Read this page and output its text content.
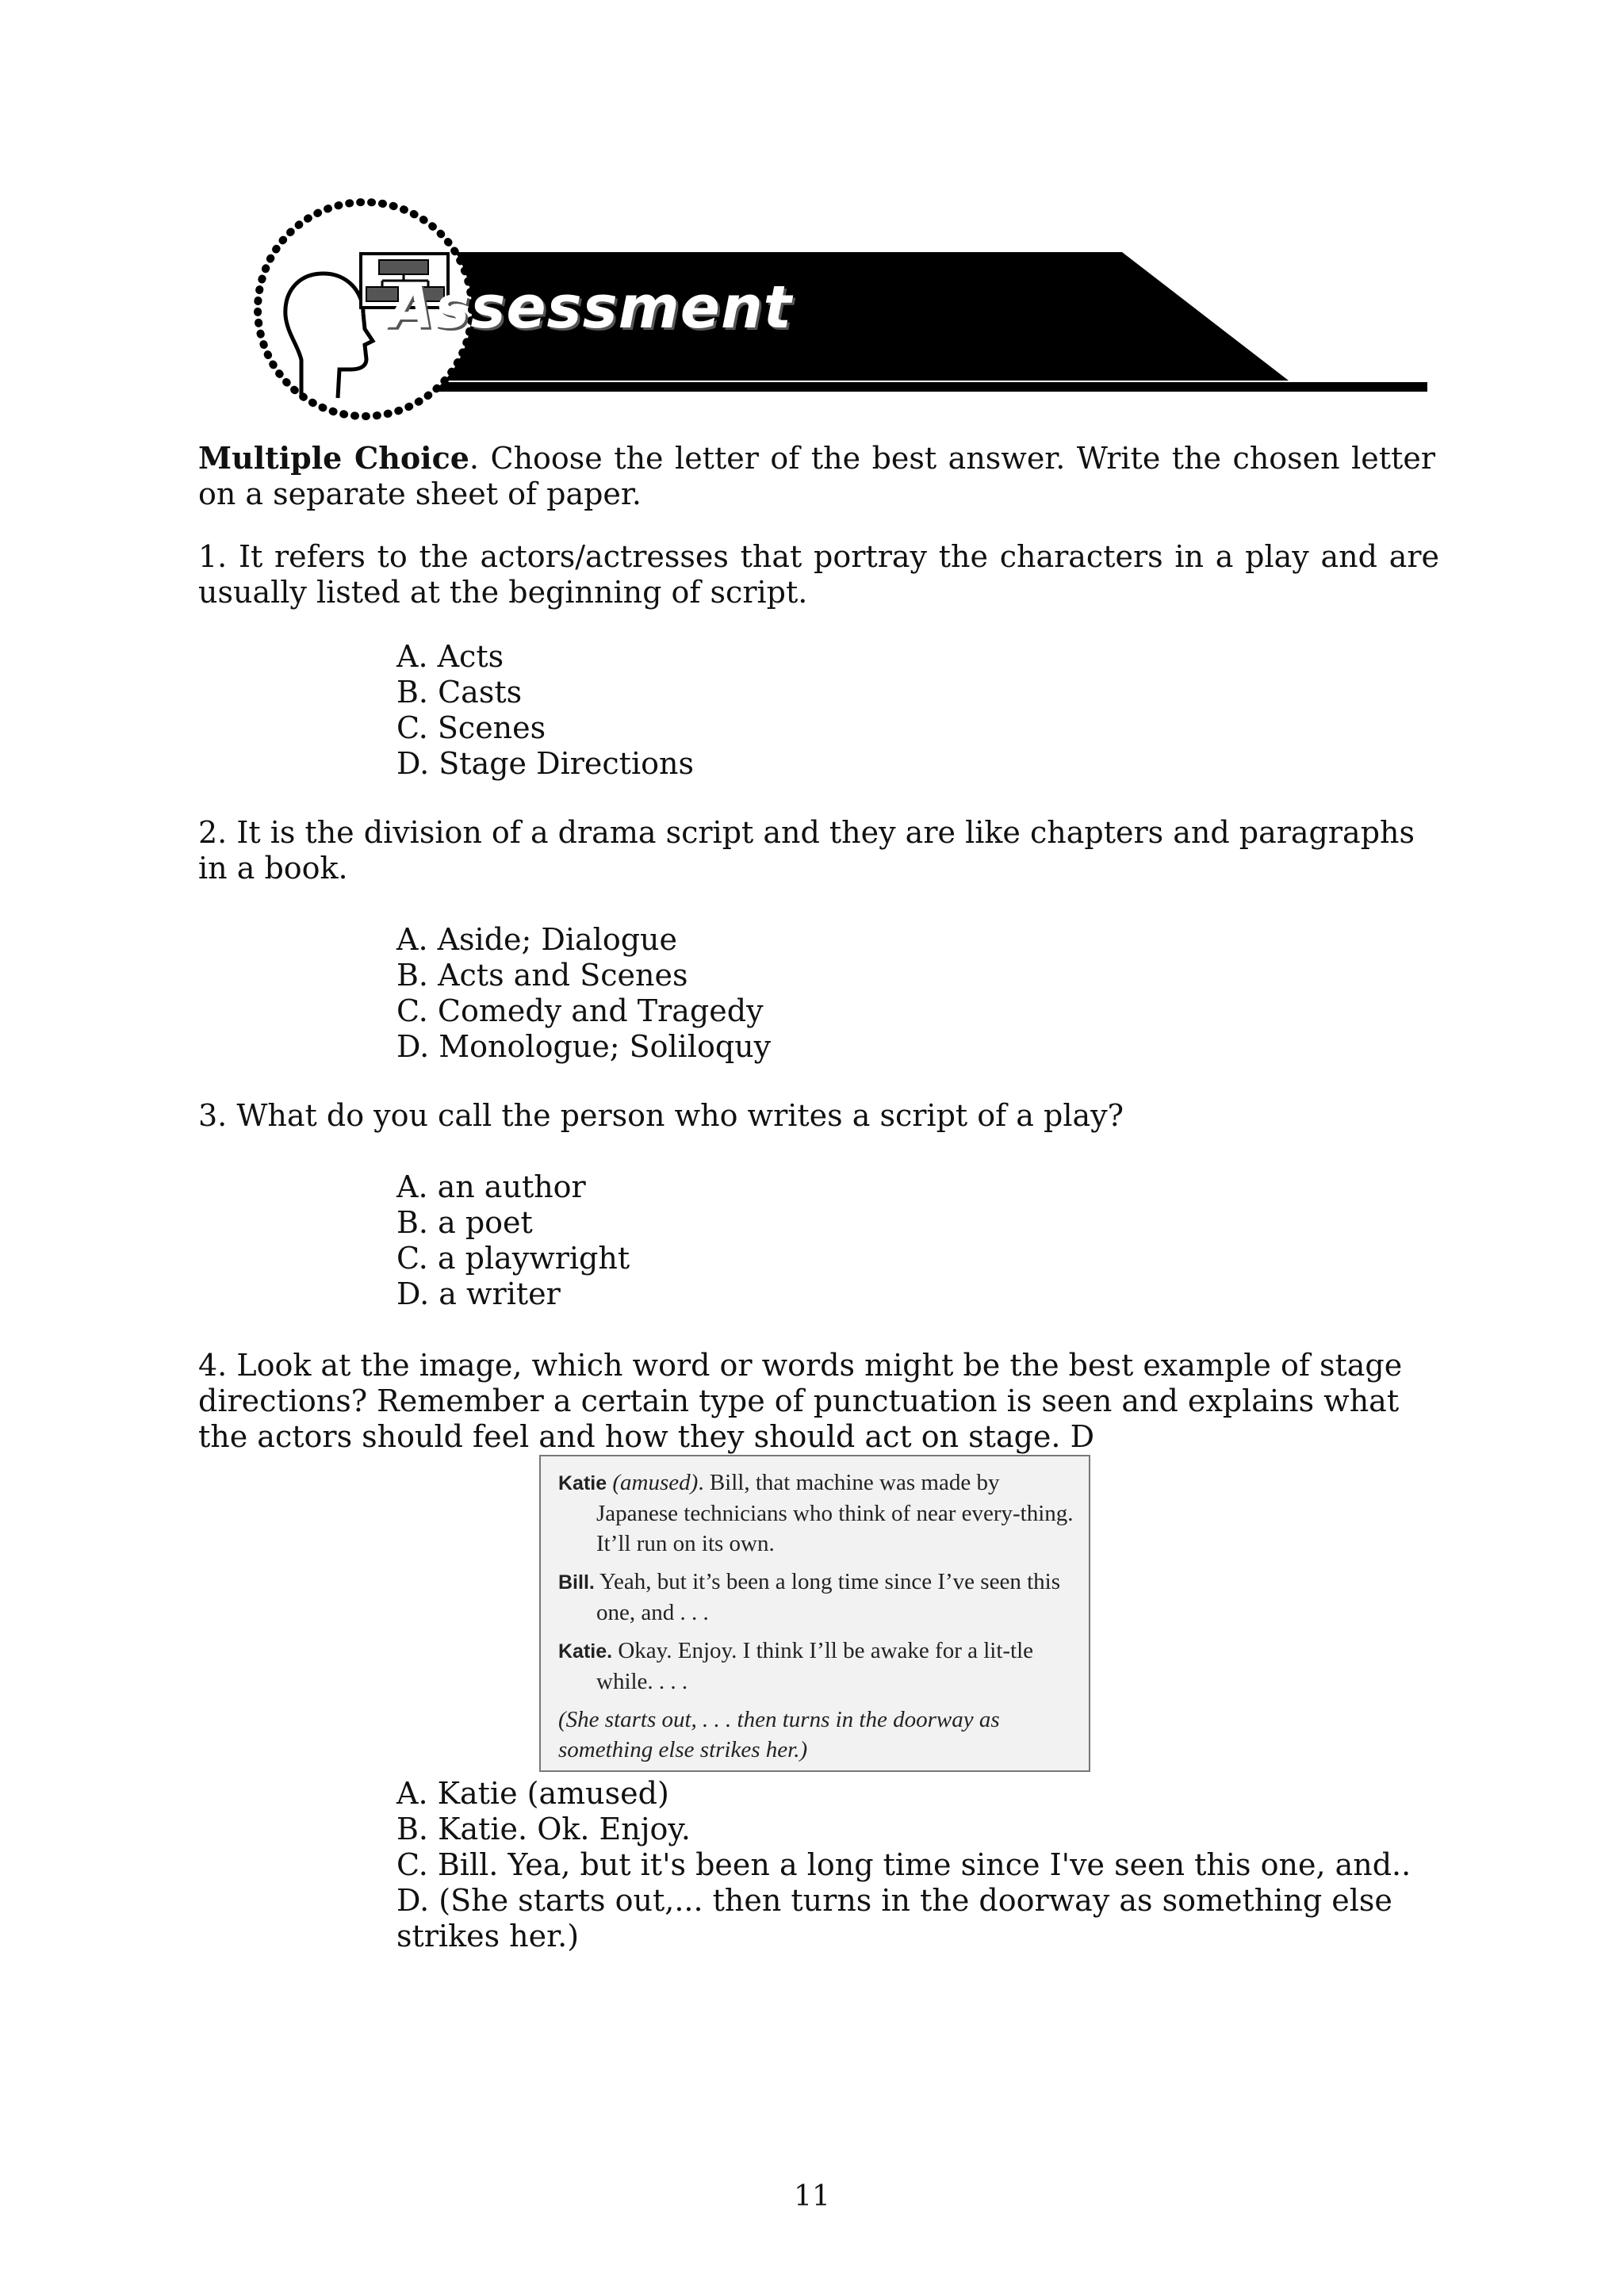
Assessment
Multiple Choice. Choose the letter of the best answer. Write the chosen letter on a separate sheet of paper.
1. It refers to the actors/actresses that portray the characters in a play and are usually listed at the beginning of script.
A. Acts
B. Casts
C. Scenes
D. Stage Directions
2. It is the division of a drama script and they are like chapters and paragraphs in a book.
A. Aside; Dialogue
B. Acts and Scenes
C. Comedy and Tragedy
D. Monologue; Soliloquy
3. What do you call the person who writes a script of a play?
A. an author
B. a poet
C. a playwright
D. a writer
4. Look at the image, which word or words might be the best example of stage directions? Remember a certain type of punctuation is seen and explains what the actors should feel and how they should act on stage. D
Katie (amused). Bill, that machine was made by Japanese technicians who think of near every-thing. It’ll run on its own.
Bill. Yeah, but it’s been a long time since I’ve seen this one, and . . .
Katie. Okay. Enjoy. I think I’ll be awake for a lit-tle while. . . .
(She starts out, . . . then turns in the doorway as something else strikes her.)
A. Katie (amused)
B. Katie. Ok. Enjoy.
C. Bill. Yea, but it's been a long time since I've seen this one, and..
D. (She starts out,... then turns in the doorway as something else strikes her.)
11
